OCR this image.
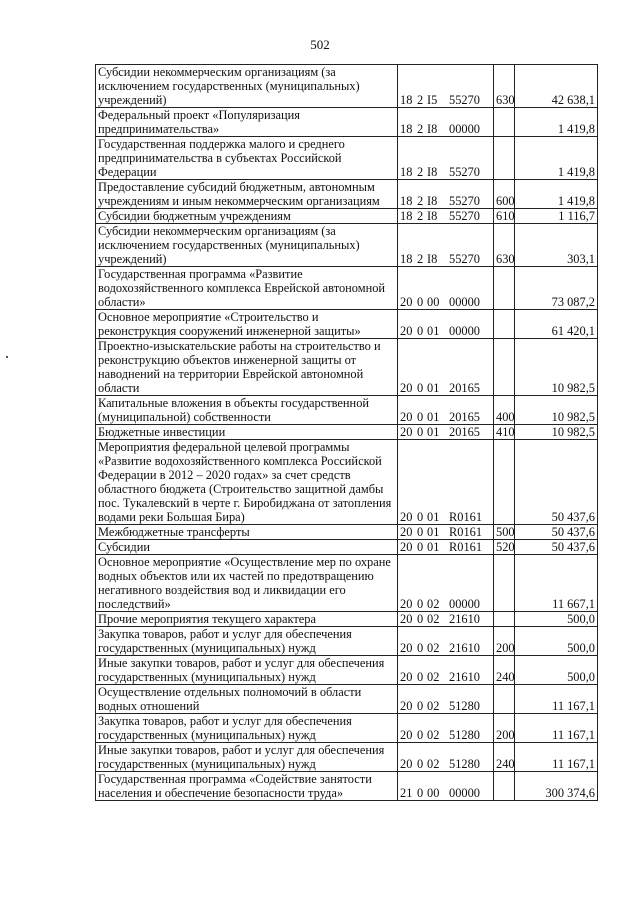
502
Субсидии некоммерческим организациям (за исключением государственных (муниципальных) учреждений)	18 2 I5 55270	630	42 638,1
Федеральный проект «Популяризация предпринимательства»	18 2 I8 00000		1 419,8
Государственная поддержка малого и среднего предпринимательства в субъектах Российской Федерации	18 2 I8 55270		1 419,8
Предоставление субсидий бюджетным, автономным учреждениям и иным некоммерческим организациям	18 2 I8 55270	600	1 419,8
Субсидии бюджетным учреждениям	18 2 I8 55270	610	1 116,7
Субсидии некоммерческим организациям (за исключением государственных (муниципальных) учреждений)	18 2 I8 55270	630	303,1
Государственная программа «Развитие водохозяйственного комплекса Еврейской автономной области»	20 0 00 00000		73 087,2
Основное мероприятие «Строительство и реконструкция сооружений инженерной защиты»	20 0 01 00000		61 420,1
Проектно-изыскательские работы на строительство и реконструкцию объектов инженерной защиты от наводнений на территории Еврейской автономной области	20 0 01 20165		10 982,5
Капитальные вложения в объекты государственной (муниципальной) собственности	20 0 01 20165	400	10 982,5
Бюджетные инвестиции	20 0 01 20165	410	10 982,5
Мероприятия федеральной целевой программы «Развитие водохозяйственного комплекса Российской Федерации в 2012 – 2020 годах» за счет средств областного бюджета (Строительство защитной дамбы пос. Тукалевский в черте г. Биробиджана от затопления водами реки Большая Бира)	20 0 01 R0161		50 437,6
Межбюджетные трансферты	20 0 01 R0161	500	50 437,6
Субсидии	20 0 01 R0161	520	50 437,6
Основное мероприятие «Осуществление мер по охране водных объектов или их частей по предотвращению негативного воздействия вод и ликвидации его последствий»	20 0 02 00000		11 667,1
Прочие мероприятия текущего характера	20 0 02 21610		500,0
Закупка товаров, работ и услуг для обеспечения государственных (муниципальных) нужд	20 0 02 21610	200	500,0
Иные закупки товаров, работ и услуг для обеспечения государственных (муниципальных) нужд	20 0 02 21610	240	500,0
Осуществление отдельных полномочий в области водных отношений	20 0 02 51280		11 167,1
Закупка товаров, работ и услуг для обеспечения государственных (муниципальных) нужд	20 0 02 51280	200	11 167,1
Иные закупки товаров, работ и услуг для обеспечения государственных (муниципальных) нужд	20 0 02 51280	240	11 167,1
Государственная программа «Содействие занятости населения и обеспечение безопасности труда»	21 0 00 00000		300 374,6
